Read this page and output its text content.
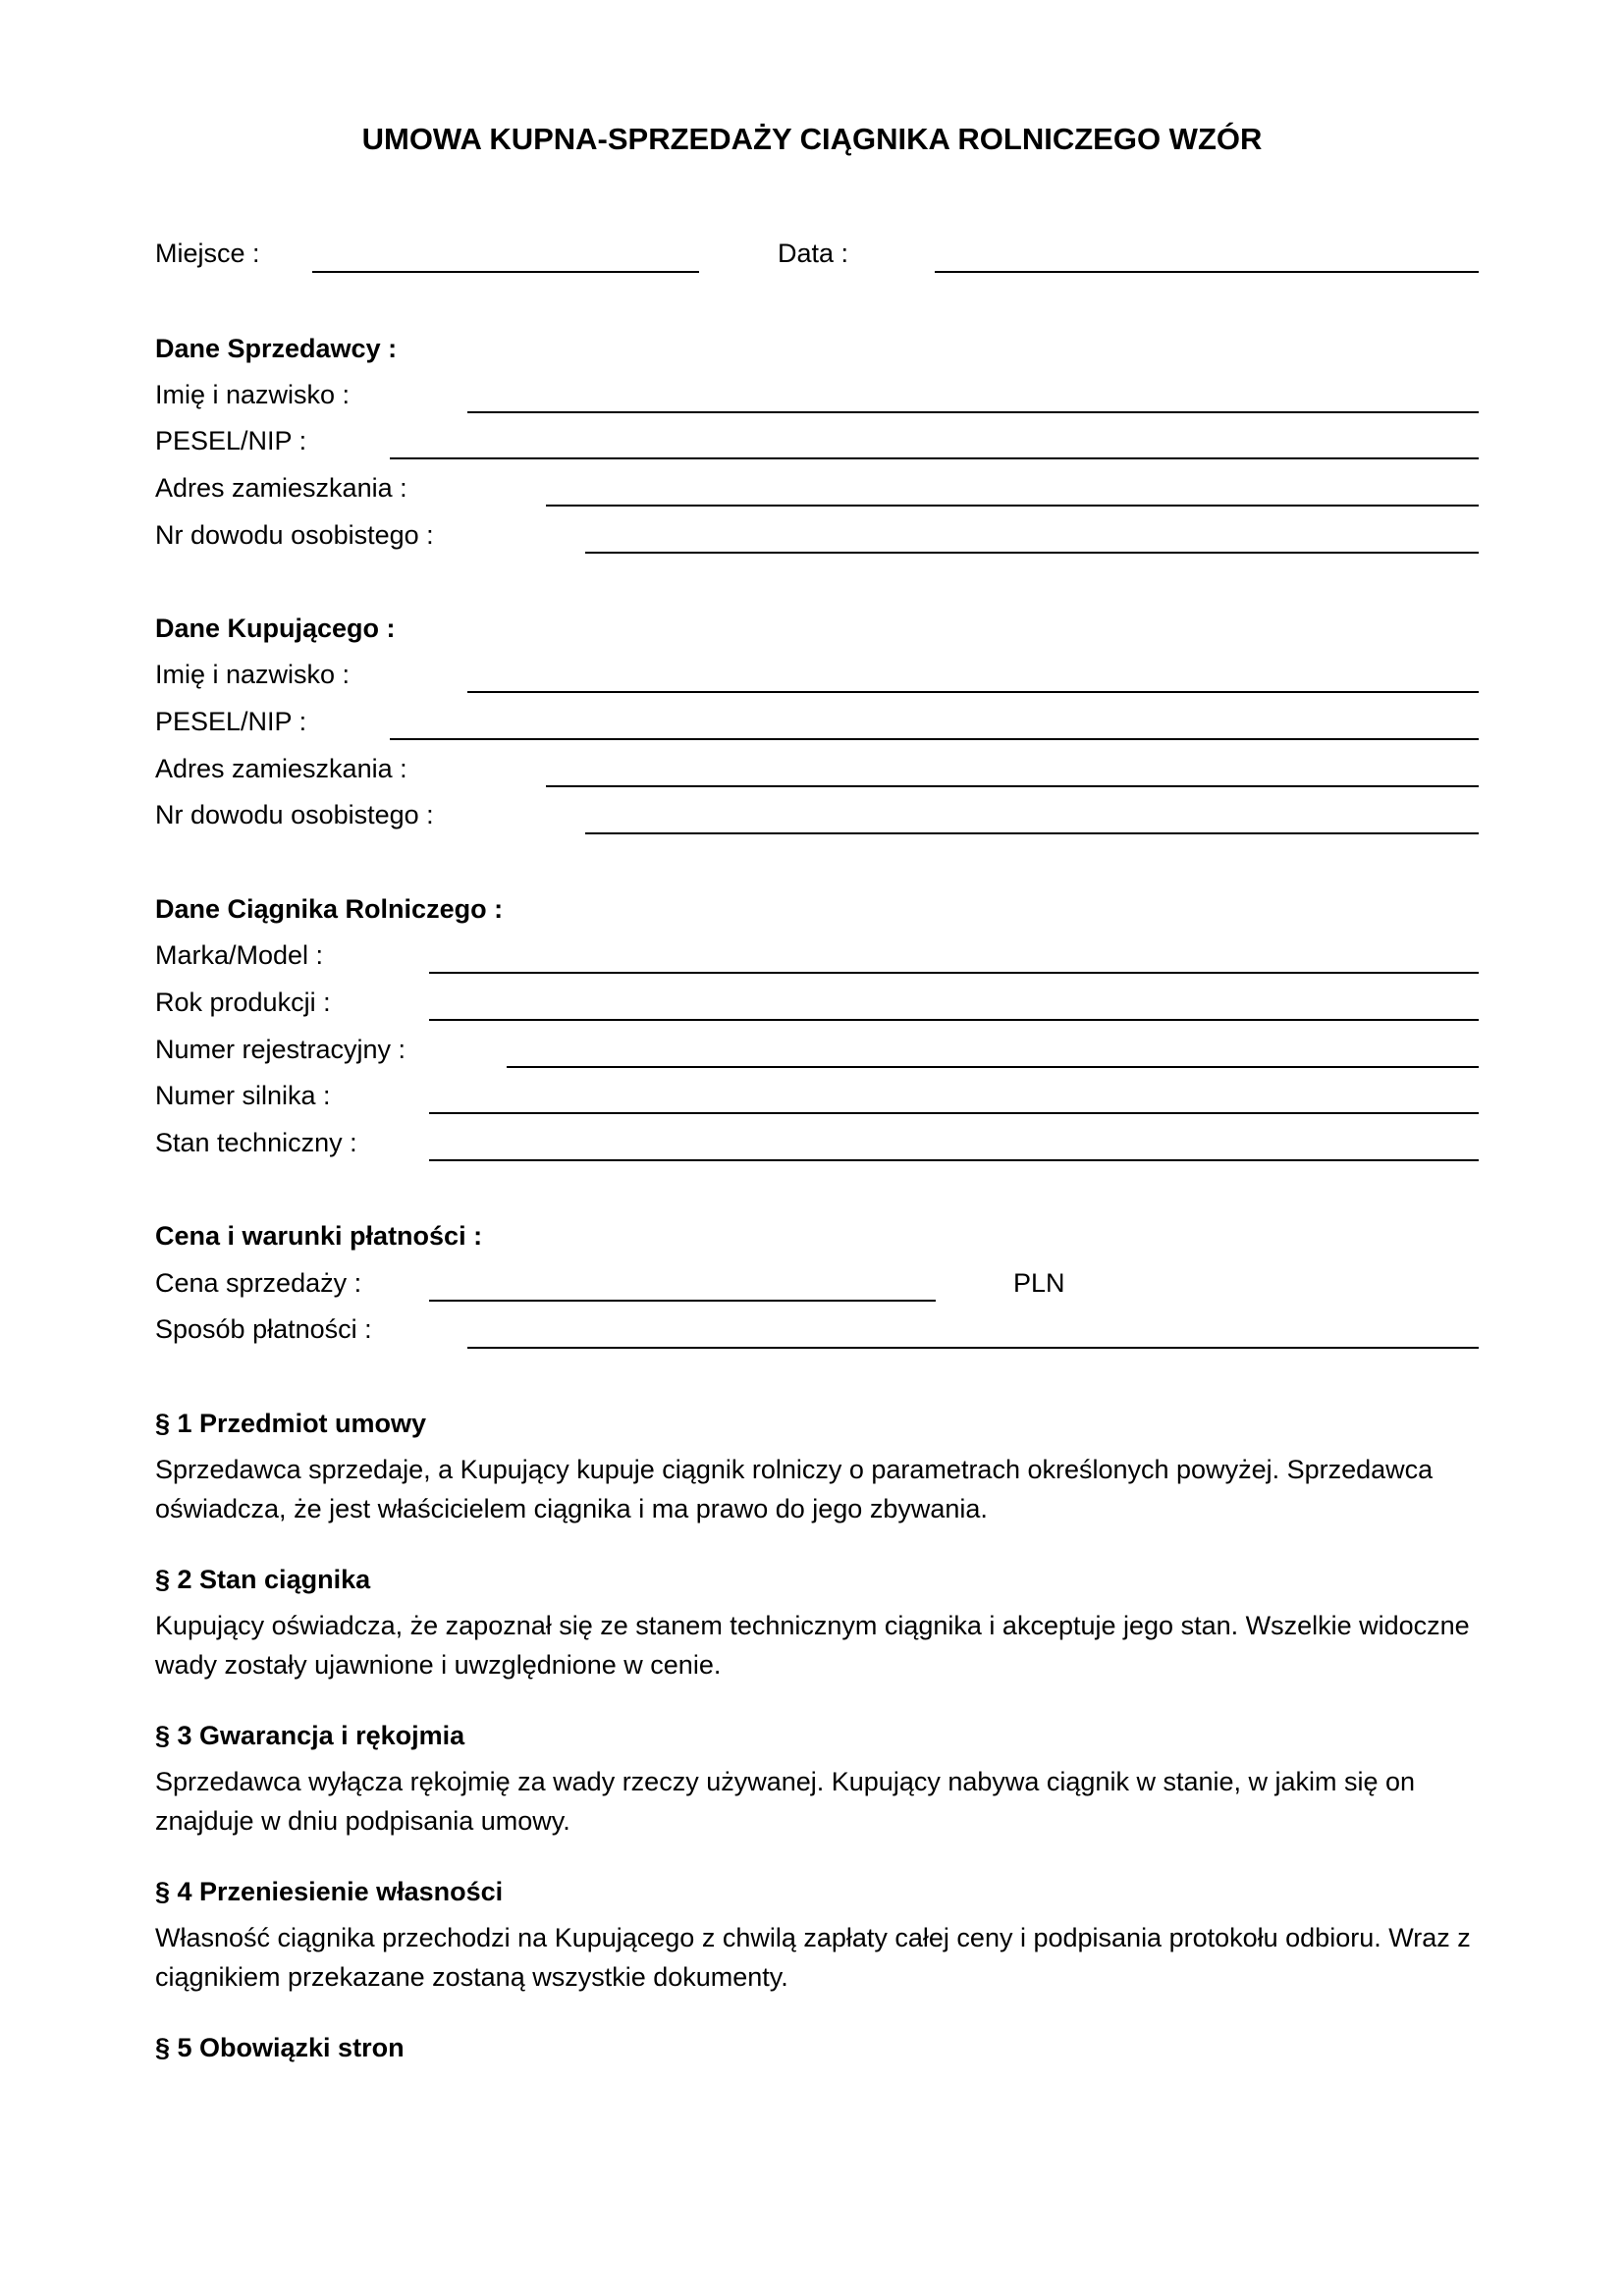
UMOWA KUPNA-SPRZEDAŻY CIĄGNIKA ROLNICZEGO WZÓR
Miejsce :	Data :
Dane Sprzedawcy :
Imię i nazwisko :
PESEL/NIP :
Adres zamieszkania :
Nr dowodu osobistego :
Dane Kupującego :
Imię i nazwisko :
PESEL/NIP :
Adres zamieszkania :
Nr dowodu osobistego :
Dane Ciągnika Rolniczego :
Marka/Model :
Rok produkcji :
Numer rejestracyjny :
Numer silnika :
Stan techniczny :
Cena i warunki płatności :
Cena sprzedaży :	PLN
Sposób płatności :
§ 1 Przedmiot umowy

Sprzedawca sprzedaje, a Kupujący kupuje ciągnik rolniczy o parametrach określonych powyżej. Sprzedawca oświadcza, że jest właścicielem ciągnika i ma prawo do jego zbywania.

§ 2 Stan ciągnika

Kupujący oświadcza, że zapoznał się ze stanem technicznym ciągnika i akceptuje jego stan. Wszelkie widoczne wady zostały ujawnione i uwzględnione w cenie.

§ 3 Gwarancja i rękojmia

Sprzedawca wyłącza rękojmię za wady rzeczy używanej. Kupujący nabywa ciągnik w stanie, w jakim się on znajduje w dniu podpisania umowy.

§ 4 Przeniesienie własności

Własność ciągnika przechodzi na Kupującego z chwilą zapłaty całej ceny i podpisania protokołu odbioru. Wraz z ciągnikiem przekazane zostaną wszystkie dokumenty.

§ 5 Obowiązki stron
